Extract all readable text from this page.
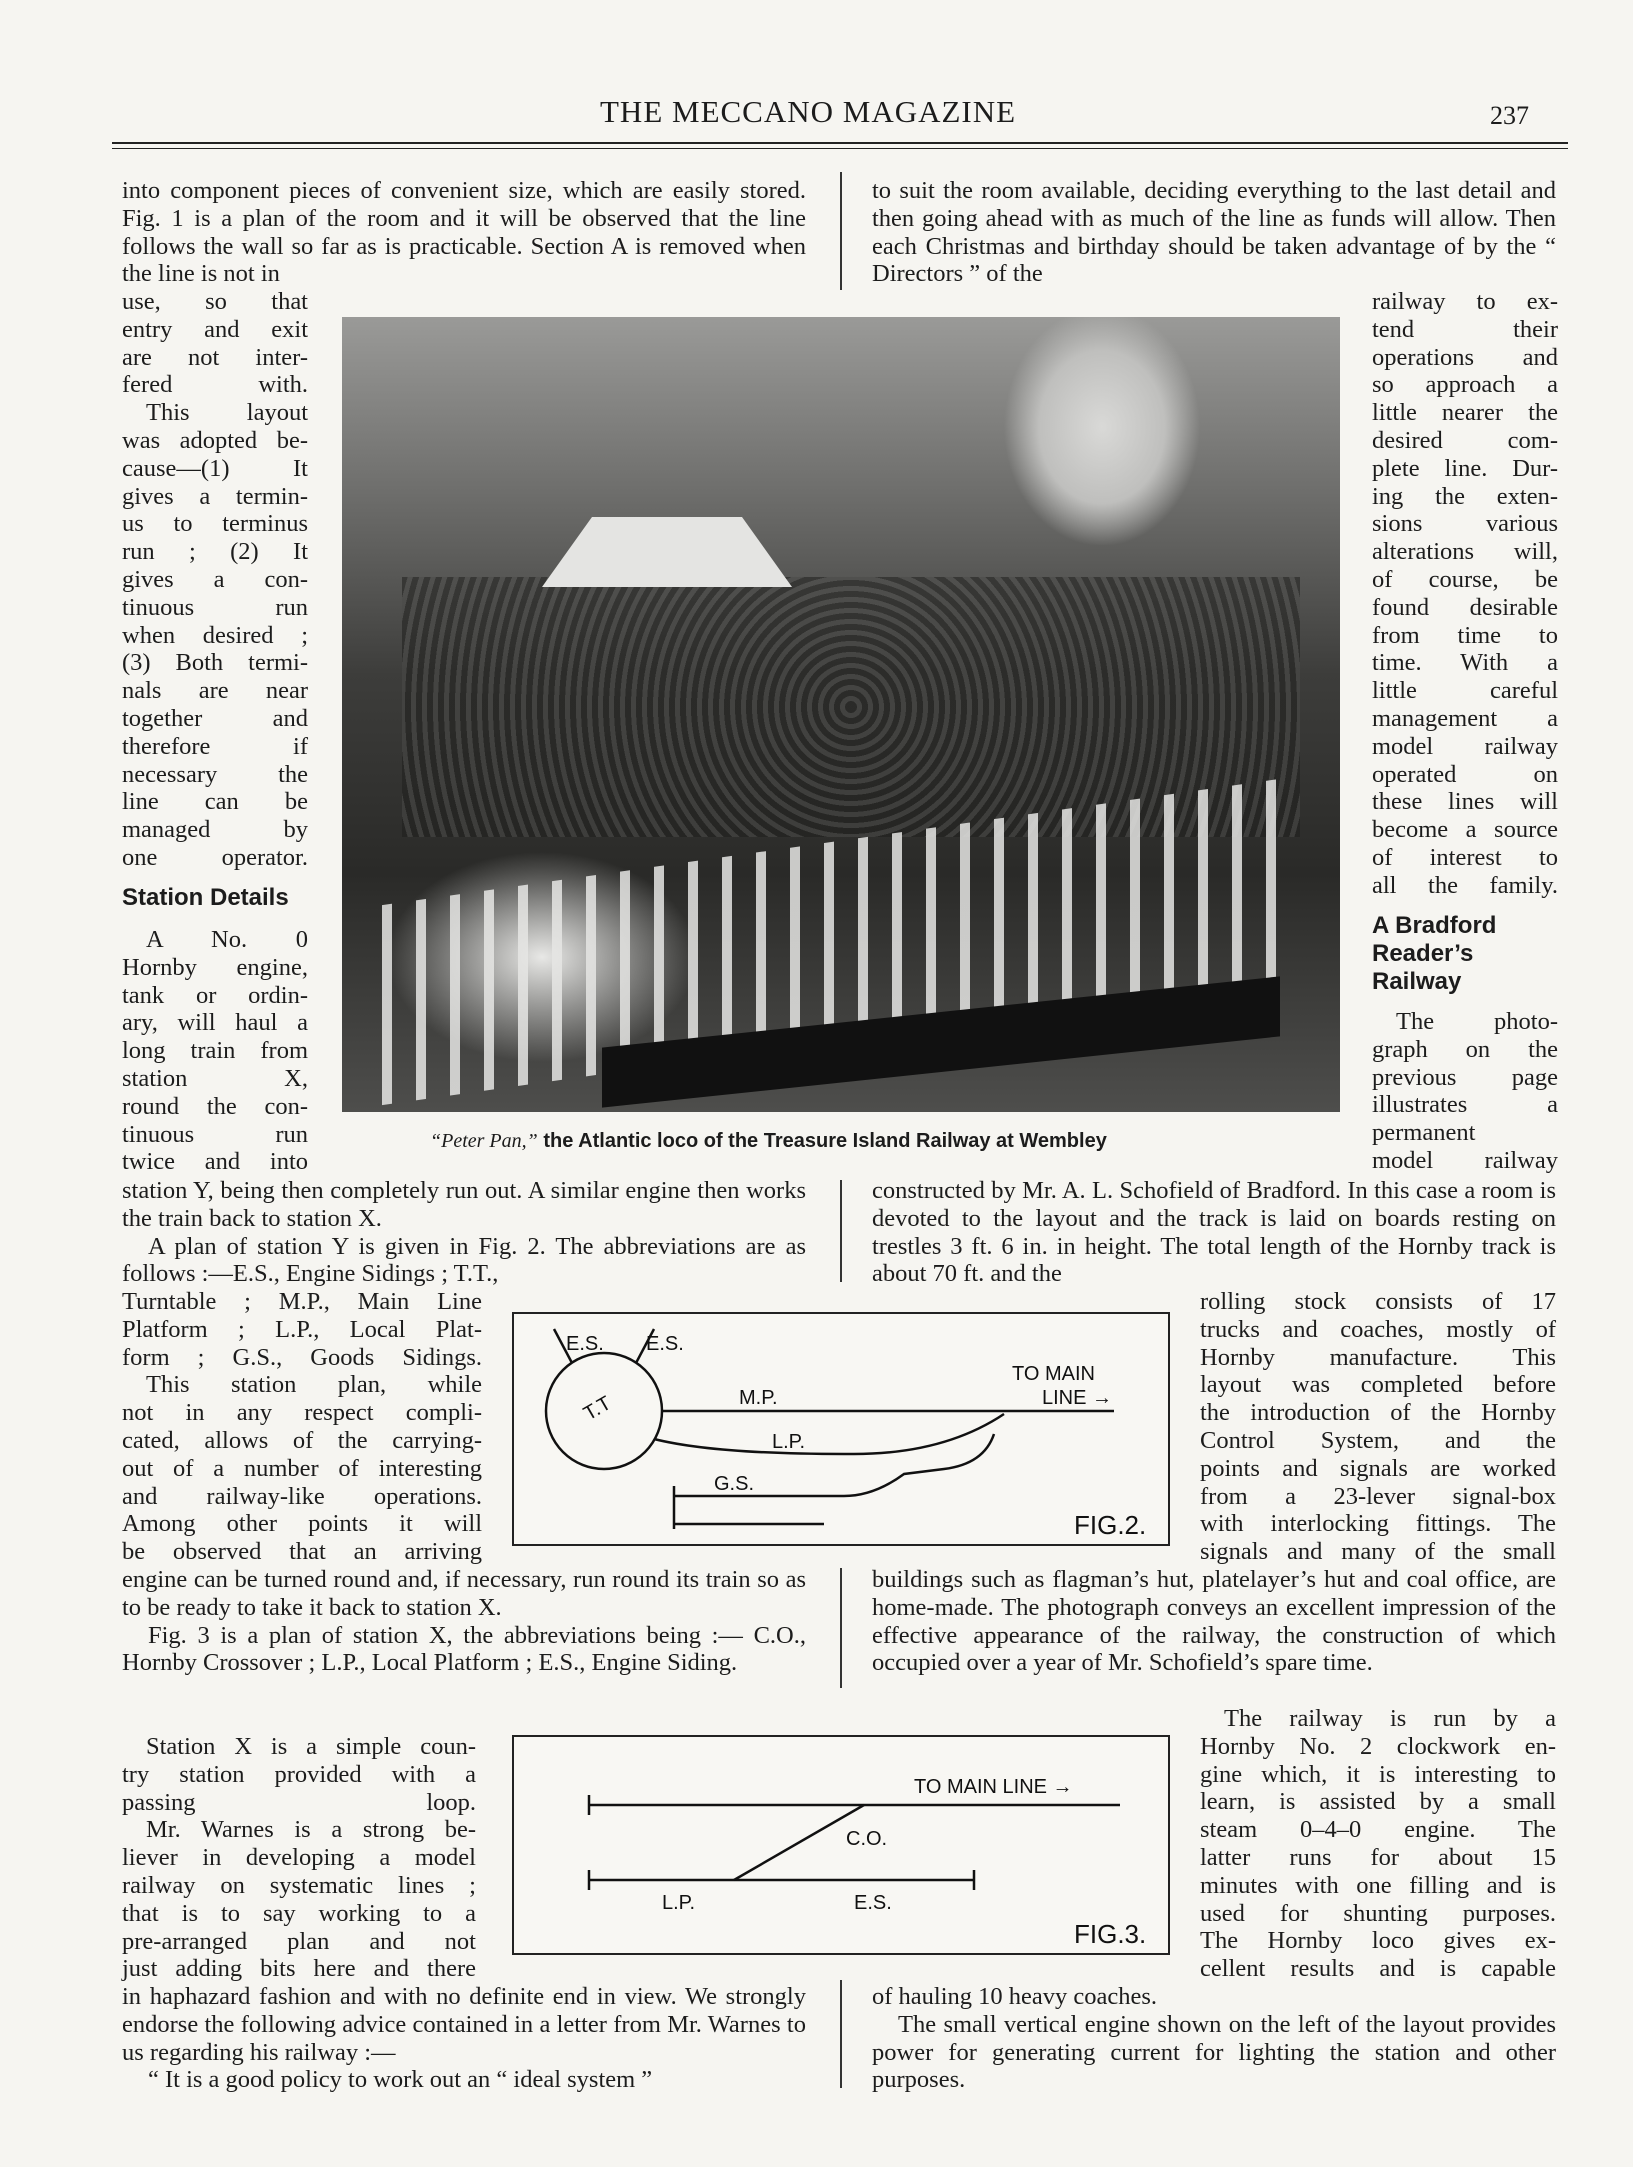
THE MECCANO MAGAZINE	237

into component pieces of convenient size, which are easily stored. Fig. 1 is a plan of the room and it will be observed that the line follows the wall so far as is practicable. Section A is removed when the line is not in

use, so that
entry and exit
are not inter-
fered with.
This layout
was adopted be-
cause—(1) It
gives a termin-
us to terminus
run ; (2) It
gives a con-
tinuous run
when desired ;
(3) Both termi-
nals are near
together and
therefore if
necessary the
line can be
managed by
one operator.
Station Details
A No. 0
Hornby engine,
tank or ordin-
ary, will haul a
long train from
station X,
round the con-
tinuous run
twice and into

station Y, being then completely run out. A similar engine then works the train back to station X.

A plan of station Y is given in Fig. 2. The abbreviations are as follows :—E.S., Engine Sidings ; T.T.,

Turntable ; M.P., Main Line
Platform ; L.P., Local Plat-
form ; G.S., Goods Sidings.
This station plan, while
not in any respect compli-
cated, allows of the carrying-
out of a number of interesting
and railway-like operations.
Among other points it will
be observed that an arriving

engine can be turned round and, if necessary, run round its train so as to be ready to take it back to station X.

Fig. 3 is a plan of station X, the abbreviations being :— C.O., Hornby Crossover ; L.P., Local Platform ; E.S., Engine Siding.

Station X is a simple coun-
try station provided with a
passing loop.
Mr. Warnes is a strong be-
liever in developing a model
railway on systematic lines ;
that is to say working to a
pre-arranged plan and not
just adding bits here and there

in haphazard fashion and with no definite end in view. We strongly endorse the following advice contained in a letter from Mr. Warnes to us regarding his railway :—

“ It is a good policy to work out an “ ideal system ”

to suit the room available, deciding everything to the last detail and then going ahead with as much of the line as funds will allow. Then each Christmas and birthday should be taken advantage of by the “ Directors ” of the

railway to ex-
tend their
operations and
so approach a
little nearer the
desired com-
plete line. Dur-
ing the exten-
sions various
alterations will,
of course, be
found desirable
from time to
time. With a
little careful
management a
model railway
operated on
these lines will
become a source
of interest to
all the family.
A Bradford
Reader’s
Railway
The photo-
graph on the
previous page
illustrates a
permanent
model railway

constructed by Mr. A. L. Schofield of Bradford. In this case a room is devoted to the layout and the track is laid on boards resting on trestles 3 ft. 6 in. in height. The total length of the Hornby track is about 70 ft. and the

rolling stock consists of 17
trucks and coaches, mostly of
Hornby manufacture. This
layout was completed before
the introduction of the Hornby
Control System, and the
points and signals are worked
from a 23-lever signal-box
with interlocking fittings. The
signals and many of the small

buildings such as flagman’s hut, platelayer’s hut and coal office, are home-made. The photograph conveys an excellent impression of the effective appearance of the railway, the construction of which occupied over a year of Mr. Schofield’s spare time.

The railway is run by a
Hornby No. 2 clockwork en-
gine which, it is interesting to
learn, is assisted by a small
steam 0–4–0 engine. The
latter runs for about 15
minutes with one filling and is
used for shunting purposes.
The Hornby loco gives ex-
cellent results and is capable

of hauling 10 heavy coaches.

The small vertical engine shown on the left of the layout provides power for generating current for lighting the station and other purposes.

“Peter Pan,” the Atlantic loco of the Treasure Island Railway at Wembley
E.S. E.S.
T.T	M.P.
L.P.
G.S.
TO MAIN
LINE →
FIG.2.
TO MAIN LINE →
C.O.
L.P.	E.S.
FIG.3.
